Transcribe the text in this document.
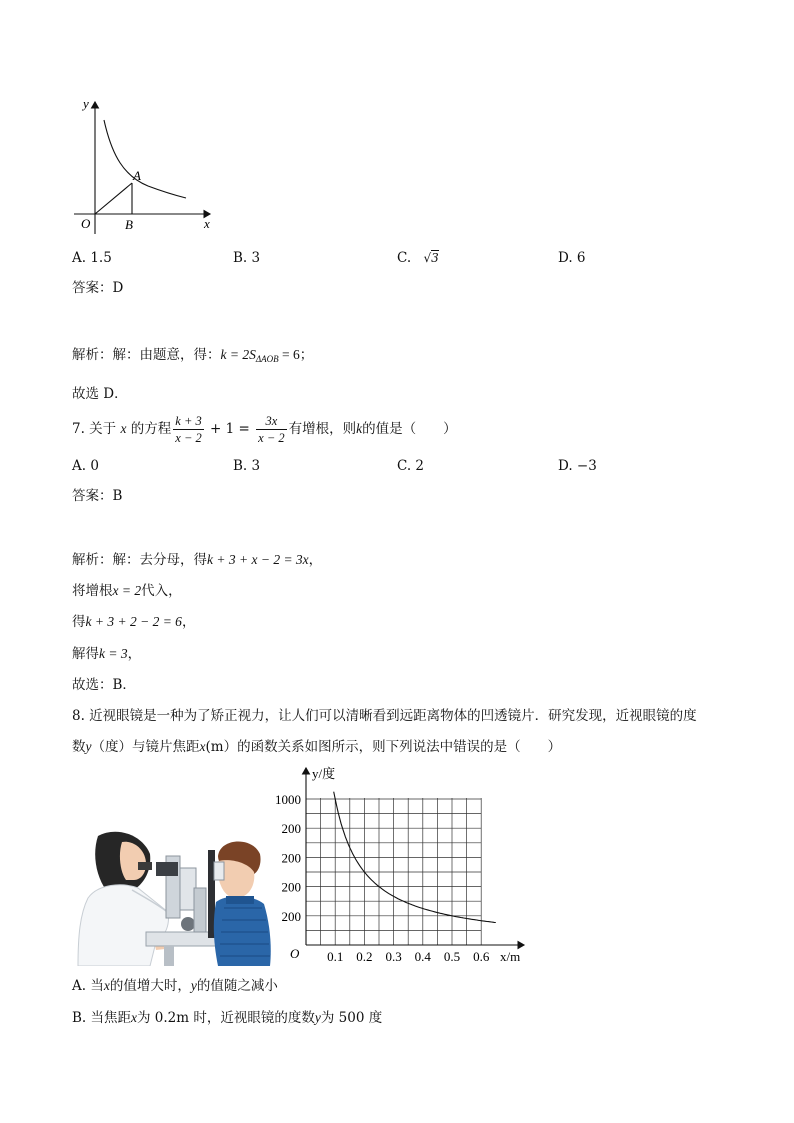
y
x
O
A
B
A. 1.5	B. 3	C. √3	D. 6
答案：D
解析：解：由题意，得：$k = 2S_{\Delta AOB} = 6$；
故选 D．
7. 关于 x 的方程 $\frac{k + 3}{x - 2} + 1 = \frac{3x}{x - 2}$ 有增根，则k的值是（　　）
A. 0	B. 3	C. 2	D. −3
答案：B
解析：解：去分母，得k + 3 + x − 2 = 3x，
将增根x = 2代入，
得k + 3 + 2 − 2 = 6，
解得k = 3，
故选：B．
8. 近视眼镜是一种为了矫正视力，让人们可以清晰看到远距离物体的凹透镜片．研究发现，近视眼镜的度
数y（度）与镜片焦距x(m）的函数关系如图所示，则下列说法中错误的是（　　）
0.1 0.2 0.3 0.4 0.5 0.6
200
200
200
200
1000
y/度
x/m
O
A. 当x的值增大时，y的值随之减小
B. 当焦距x为 0.2m 时，近视眼镜的度数y为 500 度
